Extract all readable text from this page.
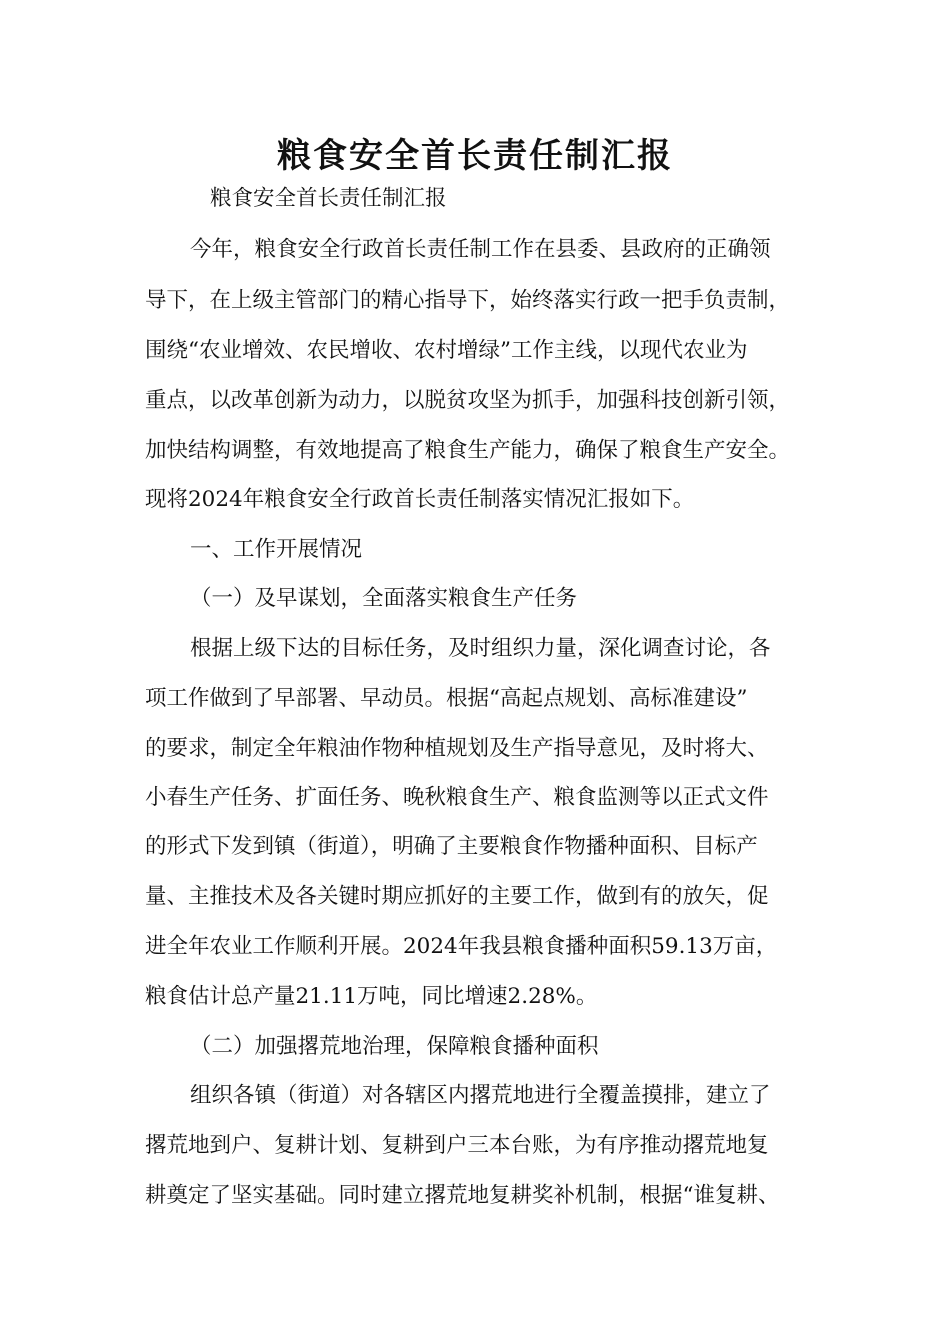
粮食安全首长责任制汇报

粮食安全首长责任制汇报

今年，粮食安全行政首长责任制工作在县委、县政府的正确领

导下，在上级主管部门的精心指导下，始终落实行政一把手负责制，

围绕“农业增效、农民增收、农村增绿”工作主线，以现代农业为

重点，以改革创新为动力，以脱贫攻坚为抓手，加强科技创新引领，

加快结构调整，有效地提高了粮食生产能力，确保了粮食生产安全。

现将2024年粮食安全行政首长责任制落实情况汇报如下。

一、工作开展情况

（一）及早谋划，全面落实粮食生产任务

根据上级下达的目标任务，及时组织力量，深化调查讨论，各

项工作做到了早部署、早动员。根据“高起点规划、高标准建设”

的要求，制定全年粮油作物种植规划及生产指导意见，及时将大、

小春生产任务、扩面任务、晚秋粮食生产、粮食监测等以正式文件

的形式下发到镇（街道），明确了主要粮食作物播种面积、目标产

量、主推技术及各关键时期应抓好的主要工作，做到有的放矢，促

进全年农业工作顺利开展。2024年我县粮食播种面积59.13万亩，

粮食估计总产量21.11万吨，同比增速2.28%。

（二）加强撂荒地治理，保障粮食播种面积

组织各镇（街道）对各辖区内撂荒地进行全覆盖摸排，建立了

撂荒地到户、复耕计划、复耕到户三本台账，为有序推动撂荒地复

耕奠定了坚实基础。同时建立撂荒地复耕奖补机制，根据“谁复耕、
